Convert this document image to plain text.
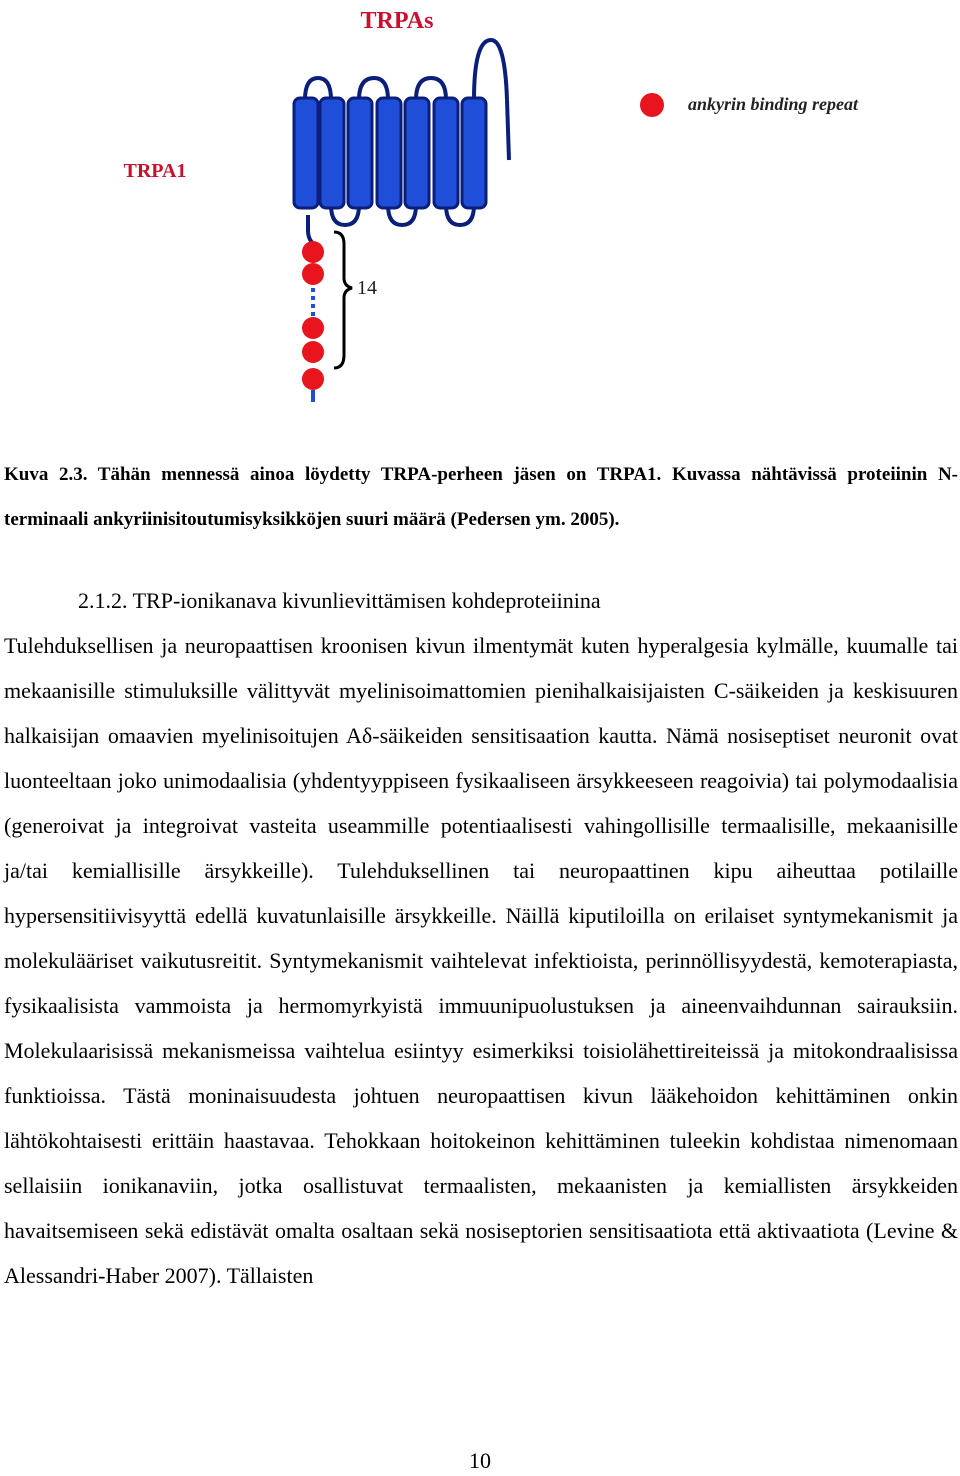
TRPAs
TRPA1
ankyrin binding repeat
14

Kuva 2.3. Tähän mennessä ainoa löydetty TRPA-perheen jäsen on TRPA1. Kuvassa nähtävissä proteiinin N-terminaali ankyriinisitoutumisyksikköjen suuri määrä (Pedersen ym. 2005).

2.1.2. TRP-ionikanava kivunlievittämisen kohdeproteiinina

Tulehduksellisen ja neuropaattisen kroonisen kivun ilmentymät kuten hyperalgesia kylmälle, kuumalle tai mekaanisille stimuluksille välittyvät myelinisoimattomien pienihalkaisijaisten C-säikeiden ja keskisuuren halkaisijan omaavien myelinisoitujen Aδ-säikeiden sensitisaation kautta. Nämä nosiseptiset neuronit ovat luonteeltaan joko unimodaalisia (yhdentyyppiseen fysikaaliseen ärsykkeeseen reagoivia) tai polymodaalisia (generoivat ja integroivat vasteita useammille potentiaalisesti vahingollisille termaalisille, mekaanisille ja/tai kemiallisille ärsykkeille). Tulehduksellinen tai neuropaattinen kipu aiheuttaa potilaille hypersensitiivisyyttä edellä kuvatunlaisille ärsykkeille. Näillä kiputiloilla on erilaiset syntymekanismit ja molekulääriset vaikutusreitit. Syntymekanismit vaihtelevat infektioista, perinnöllisyydestä, kemoterapiasta, fysikaalisista vammoista ja hermomyrkyistä immuunipuolustuksen ja aineenvaihdunnan sairauksiin. Molekulaarisissä mekanismeissa vaihtelua esiintyy esimerkiksi toisiolähettireiteissä ja mitokondraalisissa funktioissa. Tästä moninaisuudesta johtuen neuropaattisen kivun lääkehoidon kehittäminen onkin lähtökohtaisesti erittäin haastavaa. Tehokkaan hoitokeinon kehittäminen tuleekin kohdistaa nimenomaan sellaisiin ionikanaviin, jotka osallistuvat termaalisten, mekaanisten ja kemiallisten ärsykkeiden havaitsemiseen sekä edistävät omalta osaltaan sekä nosiseptorien sensitisaatiota että aktivaatiota (Levine & Alessandri-Haber 2007). Tällaisten

10
